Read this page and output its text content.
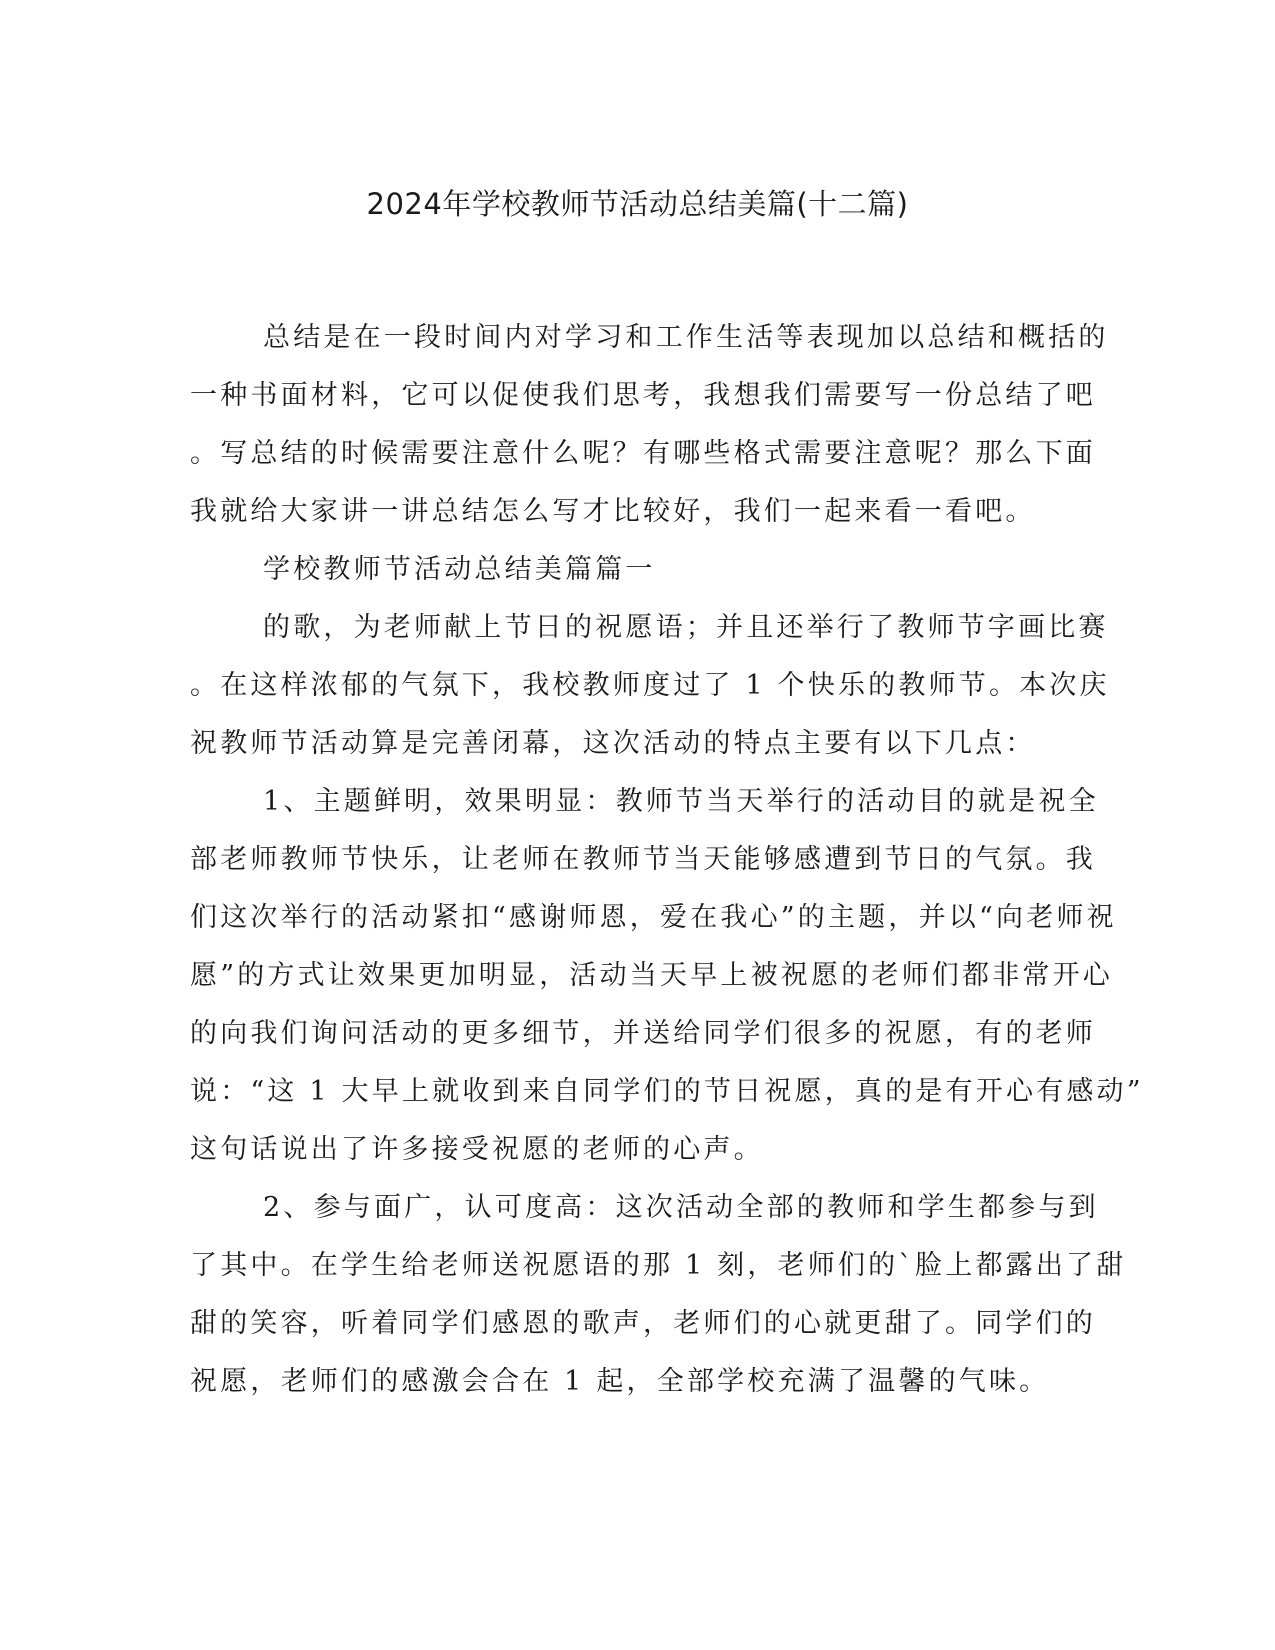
2024年学校教师节活动总结美篇(十二篇)

总结是在一段时间内对学习和工作生活等表现加以总结和概括的

一种书面材料，它可以促使我们思考，我想我们需要写一份总结了吧

。写总结的时候需要注意什么呢？有哪些格式需要注意呢？那么下面

我就给大家讲一讲总结怎么写才比较好，我们一起来看一看吧。

学校教师节活动总结美篇篇一

的歌，为老师献上节日的祝愿语；并且还举行了教师节字画比赛

。在这样浓郁的气氛下，我校教师度过了 1 个快乐的教师节。本次庆

祝教师节活动算是完善闭幕，这次活动的特点主要有以下几点：

1、主题鲜明，效果明显：教师节当天举行的活动目的就是祝全

部老师教师节快乐，让老师在教师节当天能够感遭到节日的气氛。我

们这次举行的活动紧扣“感谢师恩，爱在我心”的主题，并以“向老师祝

愿”的方式让效果更加明显，活动当天早上被祝愿的老师们都非常开心

的向我们询问活动的更多细节，并送给同学们很多的祝愿，有的老师

说：“这 1 大早上就收到来自同学们的节日祝愿，真的是有开心有感动”

这句话说出了许多接受祝愿的老师的心声。

2、参与面广，认可度高：这次活动全部的教师和学生都参与到

了其中。在学生给老师送祝愿语的那 1 刻，老师们的`脸上都露出了甜

甜的笑容，听着同学们感恩的歌声，老师们的心就更甜了。同学们的

祝愿，老师们的感激会合在 1 起，全部学校充满了温馨的气味。
